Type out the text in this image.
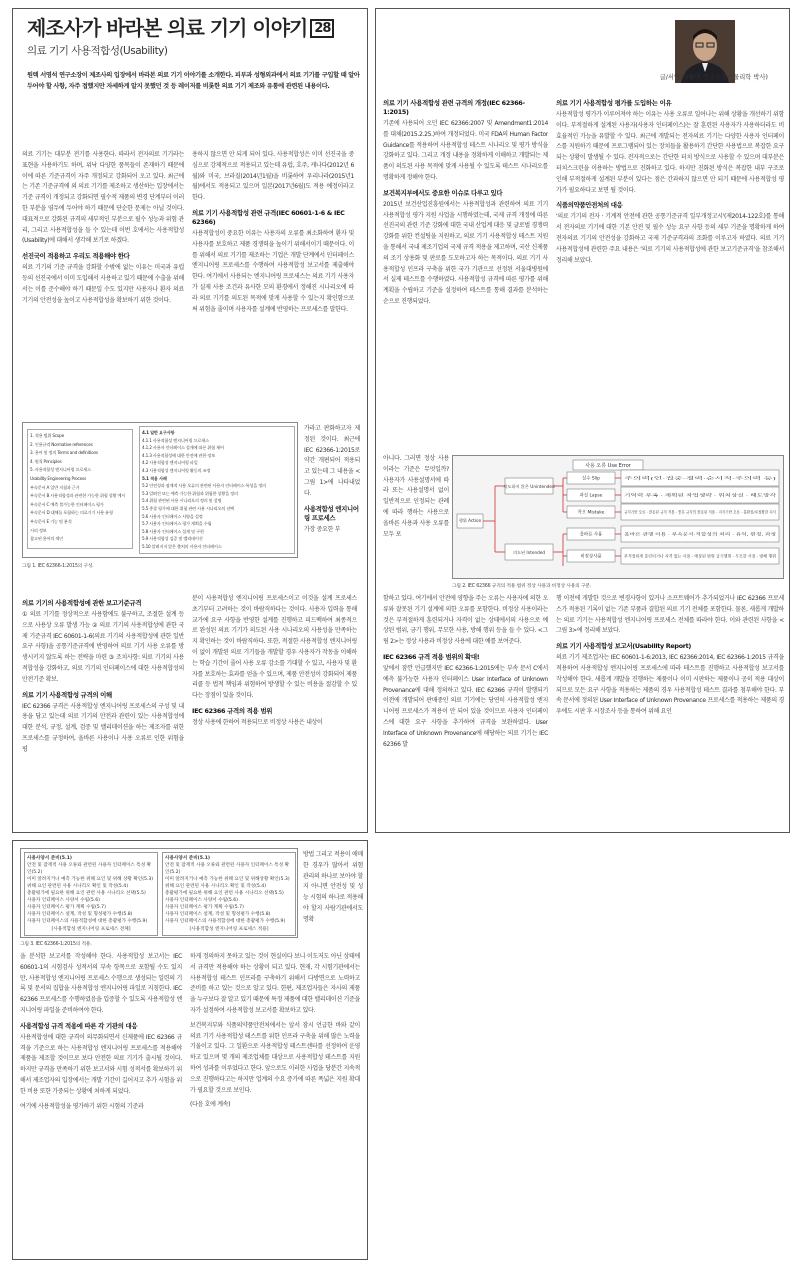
제조사가 바라본 의료 기기 이야기 28
의료 기기 사용적합성(Usability)
원텍 서영석 연구소장이 제조사의 입장에서 바라본 의료 기기 이야기를 소개한다. 피부과 성형외과에서 의료 기기를 구입할 때 알아두어야 할 사항, 자주 접했지만 자세하게 알지 못했던 것 등 레이저를 비롯한 의료 기기 제조와 유통에 관련된 내용이다.
의료 기기는 대부분 전기를 사용한다. 따라서 전자의료 기기라는 표현을 사용하기도 하며, 위낙 다양한 품목들이 존재하기 때문에 이에 따른 기준규격이 자주 개정되고 강화되어 오고 있다. 최근에는 기존 기준규격에 외 의료 기기를 제조하고 생산하는 입장에서는 기준 규격이 개정되고 강화되면 필수적 제품의 변경 단계부터 이러한 부분을 염두에 두어야 하기 때문에 단순한 문제는 아닐 것이다. 대표적으로 강화된 규격의 세부적인 부분으로 필수 성능과 위험 관리, 그리고 사용적합성을 들 수 있는데 이번 호에서는 사용적합성(Usability)에 대해서 생각해 보기로 하겠다.
선진국이 적용하고 우리도 적용해야 한다
의료 기기의 기준 규격을 강화할 수밖에 없는 이유는 미국과 유럽 등의 선진국에서 이미 도입해서 사용하고 있기 때문에 수출을 위해서는 이를 준수해야 하기 때문일 수도 있지만 사용자나 환자 의료 기기의 안전성을 높이고 사용적합성을 확보하기 위한 것이다.
용하지 않으면 안 되게 되어 있다. 사용적합성은 이미 선진국을 중심으로 강제적으로 적용되고 있는데 유럽, 호주, 캐나다(2012년 6월)와 미국, 브라질(2014년1월)을 비롯하여 우리나라(2015년1월)에서도 적용되고 있으며 일본(2017년6월)도 적용 예정이라고 한다.
의료 기기 사용적합성 관련 규격(IEC 60601-1-6 & IEC 62366)
사용적합성이 중요한 이유는 사용자의 오류를 최소화하여 환자 및 사용자를 보호하고 제품 경쟁력을 높이기 위해서이기 때문이다. 이를 위해서 의료 기기를 제조하는 기업은 개발 단계에서 인터페이스 엔지니어링 프로세스를 수행하여 사용적합성 보고서를 제출해야 한다. 여기에서 사용되는 엔지니어링 프로세스는 의료 기기 사용자가 실제 사용 조건과 유사한 모의 환경에서 정해진 시나리오에 따라 의료 기기를 의도된 목적에 맞게 사용할 수 있는지 확인함으로써 위험을 줄이며 사용자를 설계에 반영하는 프로세스를 말한다.
1. 적용 범위 Scope
2. 인용규격 Normative references
3. 용어 및 정의 Terms and definitions
4. 원칙 Principles
5. 사용적합성 엔지니어링 프로세스
Usability Engineering Process
부속문서 A 일반 지침과 근거
부속문서 B 사용적합성과 관련한 가능한 위험 상황 예시
부속문서 C 예측 불가능한 인터페이스 평가
부속문서 D 대체를 포함하는 의료기기 사용 유형
부속문서 E 기능 및 분석
시리 정보
참고된 용어의 색인
4.1 일반 요구사항
4.1.1 사용적합성 엔지니어링 프로세스
4.1.2 사용자 인터페이스 설계에 따른 위험 제어
4.1.3 사용적합성에 대한 안전에 관한 정보
4.2 사용적합성 엔지니어링 파일
4.3 사용적합성 엔지니어링 활동의 조정
5.1 적용 사례
5.2 안전성과 잠재적 사용 오류의 관련된 사용자 인터페이스 특성을 정의
5.3 알려진 또는 예측 가능한 위험과 위험한 상황을 정의
5.4 위험 관련된 사용 시나리오의 정의 및 설명
5.5 총괄 평가에 대한 위험 관련 사용 시나리오의 선택
5.6 사용자 인터페이스 사양을 설정
5.7 사용자 인터페이스 평가 계획을 수립
5.8 사용자 인터페이스 설계 및 구현
5.9 사용적합성 검증 및 밸리데이션
5.10 알려지지 않은 출처의 사용자 인터페이스
그림 1. IEC 62366-1:2015의 구성.
가라고 판화하고자 제정된 것이다. 최근에 IEC 62366-1:2015로 약간 개편되어 적용되고 있는데 그 내용을 <그림 1>에 나타내었다.
사용적합성 엔지니어링 프로세스
가장 중요한 부
의료 기기의 사용적합성에 관한 보고기준규격
① 의료 기기를 정상적으로 사용함에도 불구하고, 조절한 설계 등으로 사용상 오류 발생 가능 ② 의료 기기의 사용적합성에 관한 국제 기준규격 IEC 60601-1-6(의료 기기의 사용적합성에 관한 일반 요구 사항)을 공통기준규격에 반영하여 의료 기기 사용 오류를 방생시키지 않도록 하는 전략을 마련 ③ 조치사항: 의료 기기의 사용적합성을 강화하고, 의료 기기의 인터페이스에 대한 사용적합성의 안전기준 확보.
의료 기기 사용적합성 규격의 이해
IEC 62366 규격은 사용적합성 엔지니어링 프로세스의 구성 및 내용을 담고 있는데 의료 기기의 안전과 관련이 있는 사용적합성에 대한 분석, 규정, 설계, 검증 및 밸리데이션을 하는 제조자를 위한 프로세스를 규정하여, 올바른 사용이나 사용 오류로 인한 위험을 평
분이 사용적합성 엔지니어링 프로세스이고 이것을 설계 프로세스 초기부터 고려하는 것이 바람직하다는 것이다. 사용자 입력을 통해 교가에 요구 사항을 반영한 설계를 진행하고 피드백하여 최종적으로 완성된 의료 기기가 의도된 사용 시나리오의 사용성을 만족하는지 확인하는 것이 바람직하다. 또한, 적절한 사용적합성 엔지니어링이 없이 개발된 의료 기기들을 개발할 경우 사용자가 작동을 이해하는 학습 기간이 줄어 사용 오류 감소를 기대할 수 있고, 사용자 및 환자를 보호하는 효과를 얻을 수 있으며, 제품 안전성이 강화되어 제품 리콜 등 법적 책임과 위험하여 방생할 수 있는 비용을 절감할 수 있다는 장점이 있을 것이다.
IEC 62366 규격의 적용 범위
정상 사용에 한하여 적용되므로 비정상 사용은 내상이
글/서영석(원텍 연구소장 · 물리학 박사)
의료 기기 사용적합성 관련 규격의 개정(IEC 62366-1:2015)
기존에 사용되어 오던 IEC 62366:2007 및 Amendment1:2014를 대체(2015.2.25.)하여 개정되었다. 미국 FDA의 Human Factor Guidance를 적용하여 사용적합성 테스트 시나리오 및 평가 방식을 강화하고 있다. 그리고 개정 내용을 정확하게 이해하고 개발되는 제품이 의도된 사용 목적에 맞게 사용될 수 있도록 테스트 시나리오를 명확하게 정해야 한다.
보건복지부에서도 중요한 이슈로 다루고 있다
2015년 보건산업진흥원에서는 사용적합성과 관련하여 의료 기기 사용적합성 평가 지원 사업을 시행하였는데, 국제 규격 개정에 따른 선진국의 관련 기준 강화에 대한 국내 산업계 대응 및 글로벌 경쟁력 강화를 위한 컨설팅을 지원하고, 의료 기기 사용적합성 테스트 지원을 통해서 국내 제조기업의 국제 규격 적용을 제고하며, 국산 신제품의 조기 상용화 및 판로를 도모하고자 하는 목적이다. 의료 기기 사용적합성 인프라 구축을 위한 국가 기관으로 선정된 서울대병원에서 실제 테스트를 수행하였다. 사용적합성 규격에 따른 평가를 위해 계획을 수립하고 기준을 설정하여 테스트를 통해 결과를 분석하는 순으로 진행되었다.
의료 기기 사용적합성 평가를 도입하는 이유
사용적합성 평가가 이루어져야 하는 이유는 사용 오류로 일어나는 위해 상황을 개선하기 위함이다. 부적절하게 설계된 사용자(사용자 인터페이스)는 잘 훈련된 사용자가 사용하더라도 비효율적인 가능을 유발할 수 있다. 최근에 개발되는 전자의료 기기는 다양한 사용자 인터페이스를 지원하기 때문에 프로그램되어 있는 장치들을 활용하기 간단한 사용법으로 복잡한 요구되는 상황이 발생될 수 있다. 전자적으로는 간단한 터치 방식으로 사용할 수 있으며 대부분은 터치스크린을 이용하는 방법으로 진화하고 있다. 하지만 진화된 방식은 복잡한 내부 구조로 인해 부적절하게 설계된 부분이 있다는 점은 간과하지 않으면 안 되기 때문에 사용적합성 평가가 필요하다고 보면 될 것이다.
식품의약품안전처의 대응
'의료 기기의 전자 · 기계적 안전에 관한 공통기준규격 일부개정고시'(제2014-122호)를 통해서 전자의료 기기에 대한 기본 안전 및 필수 성능 요구 사항 등의 세부 기준을 명확하게 하여 전자의료 기기의 안전성을 강화하고 국제 기준규격과의 조화를 이루고자 하였다. 의료 기기 사용적합성에 관련한 주요 내용은 '의료 기기의 사용적합성에 관한 보고기준규격'을 참조해서 정리해 보았다.
아니다. 그러면 정상 사용이라는 기준은 무엇일까? 사용자가 사용설명서에 따라 또는 사용설명서 없이 일반적으로 인정되는 관례에 따라 행하는 사용으로 올바른 사용과 사용 오류를 모두 포
사용 오류 Use Error
행위 Action
의도하지 않은 Unintended
의도된 Intended
실수 Slip	주의력(인·집중·경력·순서적·주의력 등)
과실 Lapse	기억력 부족 · 계획된 작업생략 · 위치상실 · 해도망각
착오 Mistake	규칙기반 오류 · 잘못된 규칙 적용 · 좋은 규칙의 잘못된 적용 · 지식기반 오류 · 불완전/부정확한 지식
올바른 사용	올바른 관행 이용 · 부속문서·적합성의 처리 · 유익, 환경, 과정
비정상사용	부적절하게 훈련되거나 자격 없는 사용 · 예상된 범위 금기행위 · 무모한 사용 · 방해 행위
그림 2. IEC 62366 규격의 적용 범위 정상 사용과 비정상 사용의 구분.
함하고 있다. 여기에서 안전에 영향을 주는 오류는 사용자에 의한 오류와 잘못된 기기 설계에 의한 오류를 포함한다. 비정상 사용이라는 것은 부적절하게 훈련되거나 자격이 없는 상태에서의 사용으로 예상된 범위, 금기 행위, 무모한 사용, 방해 행위 등을 들 수 있다. <그림 2>는 정상 사용과 비정상 사용에 대한 예를 보여준다.
IEC 62366 규격 적용 범위의 확대!
앞에서 잠깐 언급했지만 IEC 62366-1:2015에는 부속 문서 C에서 예측 불가능한 사용자 인터페이스 User Interface of Unknown Provenance에 대해 정의하고 있다. IEC 62366 규격이 발행되기 이전에 개발되어 판매중인 의료 기기에는 당연히 사용적합성 엔지니어링 프로세스가 적용이 안 되어 있을 것이므로 사용자 인터페이스에 대한 요구 사항을 추가하여 규격을 보완하였다. User Interface of Unknown Provenance에 해당하는 의료 기기는 IEC 62366 발
행 이전에 개발한 것으로 변경사항이 있거나 소프트웨어가 추가되었거나 IEC 62366 프로세스가 적용된 기록이 없는 기존 부품과 결합된 의료 기기 전체를 포함한다. 물론, 새롭게 개발하는 의료 기기는 사용적합성 엔지니어링 프로세스 전체를 따라야 한다. 이와 관련된 사항을 <그림 3>에 정리해 보았다.
의료 기기 사용적합성 보고서(Usability Report)
의료 기기 제조업자는 IEC 60601-1-6:2013, IEC 62366:2014, IEC 62366-1:2015 규격을 적용하여 사용적합성 엔지니어링 프로세스에 따라 테스트를 진행하고 사용적합성 보고서를 작성해야 한다. 새롭게 개발을 진행하는 제품이나 이미 시판하는 제품이나 공히 적용 대상이 되므로 모든 요구 사항을 적용하는 제품의 경우 사용적합성 테스트 결과를 첨부해야 한다. 부속 문서에 정의된 User Interface of Unknown Provenance 프로세스를 적용하는 제품의 경우에도 시판 후 시장조사 등을 통하여 위해 요인
사용사양서 준비(5.1)
안전 및 잠재적 사용 오류와 관련된 사용자 인터페이스 특성 확인(5.2)
이미 알려지거나 예측 가능한 위해 요인 및 위해 상황 확인(5.3)
위해 요인 관련된 사용 시나리오 확인 및 작성(5.4)
총괄평가에 필요한 위해 요인 관련 사용 시나리오 선택(5.5)
사용자 인터페이스 사양서 수립(5.6)
사용자 인터페이스 평가 계획 수립(5.7)
사용자 인터페이스 설계, 작성 및 형성평가 수행(5.8)
사용자 인터페이스의 사용적합성에 대한 총괄평가 수행(5.9)
[사용적합성 엔지니어링 프로세스 전체]
사용사양서 준비(5.1)
안전 및 잠재적 사용 오류와 관련된 사용자 인터페이스 특성 확인(5.2)
이미 알려지거나 예측 가능한 위해 요인 및 위해상황 확인(5.3)
위해 요인 관련된 사용 시나리오 확인 및 작성(5.4)
총괄평가에 필요한 위해 요인 관련 사용 시나리오 선택(5.5)
사용자 인터페이스 사양서 수립(5.6)
사용자 인터페이스 평가 계획 수립(5.7)
사용자 인터페이스 설계, 작성 및 형성평가 수행(5.8)
사용자 인터페이스의 사용적합성에 대한 총괄평가 수행(5.9)
[사용적합성 엔지니어링 프로세스 적용]
그림 3. IEC 62366-1:2015의 적용.
방법 그리고 적용이 애매한 경우가 많아서 위험 관리의 하나로 보아야 할지 아니면 안전성 및 성능 시험의 하나로 적용해야 할지 사람기관에서도 명확
을 분석한 보고서를 작성해야 한다. 사용적합성 보고서는 IEC 60601-1의 시험검사 성적서의 부속 항목으로 포함될 수도 있지만, 사용적합성 엔지니어링 프로세스 수행으로 생성되는 일련의 기록 및 문서의 집합을 사용적합성 엔지니어링 파일로 지칭한다. IEC 62366 프로세스를 수행하였음을 입증할 수 있도록 사용적합성 엔지니어링 파일을 준비하여야 한다.
사용적합성 규격 적용에 따른 각 기관의 대응
사용적합성에 대한 규격이 의무화되면서 신제품에 IEC 62366 규격을 기준으로 하는 사용적합성 엔지니어링 프로세스를 적용해야 제품을 제조할 것이므로 보다 안전한 의료 기기가 출시될 것이다. 하지만 규격을 만족하기 위한 보고서와 시험 성적서를 확보하기 위해서 제조업자의 입장에서는 개발 기간이 길어지고 추가 시험을 위한 비용 또한 가중되는 상황에 처하게 되었다.
여기에 사용적합성을 평가하기 위한 시험의 기준과
하게 정의하지 못하고 있는 것이 현실이다 보니 이도저도 아닌 상태에서 규격만 적용해야 하는 상황이 되고 있다. 현재, 각 시험기관에서는 사용적합성 테스트 인프라를 구축하기 위해서 다방면으로 노력하고 준비를 하고 있는 것으로 알고 있다. 한편, 제조업자들은 자사의 제품을 누구보다 잘 알고 있기 때문에 특정 제품에 대한 밸리데이션 기준을 자가 설정하여 사용적합성 보고서를 확보하고 있다.
보건복지부와 식품의약품안전처에서는 앞서 잠시 언급한 바와 같이 의료 기기 사용적합성 테스트를 위한 인프라 구축을 위해 많은 노력을 기울이고 있다. 그 일환으로 사용적합성 테스트센터를 선정하여 운영하고 있으며 몇 개의 제조업체를 대상으로 사용적합성 테스트를 지원하여 성과를 이루었다고 한다. 앞으로도 이러한 사업을 당분간 지속적으로 진행하다고는 하지만 업계의 수요 증가에 따른 폭넓은 지원 확대가 필요할 것으로 보인다.
(다음 호에 계속)
